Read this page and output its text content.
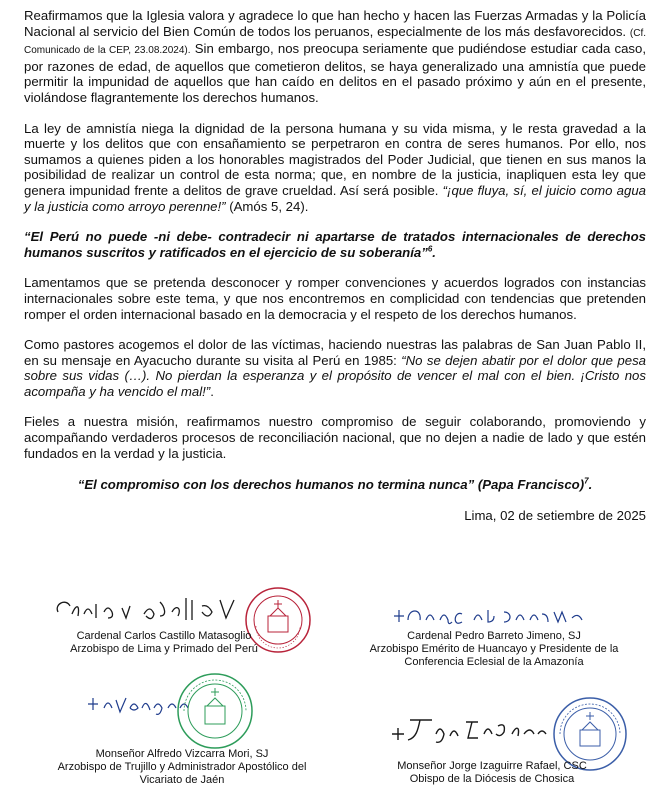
Reafirmamos que la Iglesia valora y agradece lo que han hecho y hacen las Fuerzas Armadas y la Policía Nacional al servicio del Bien Común de todos los peruanos, especialmente de los más desfavorecidos. (Cf. Comunicado de la CEP, 23.08.2024). Sin embargo, nos preocupa seriamente que pudiéndose estudiar cada caso, por razones de edad, de aquellos que cometieron delitos, se haya generalizado una amnistía que puede permitir la impunidad de aquellos que han caído en delitos en el pasado próximo y aún en el presente, violándose flagrantemente los derechos humanos.

La ley de amnistía niega la dignidad de la persona humana y su vida misma, y le resta gravedad a la muerte y los delitos que con ensañamiento se perpetraron en contra de seres humanos. Por ello, nos sumamos a quienes piden a los honorables magistrados del Poder Judicial, que tienen en sus manos la posibilidad de realizar un control de esta norma; que, en nombre de la justicia, inapliquen esta ley que genera impunidad frente a delitos de grave crueldad. Así será posible. “¡que fluya, sí, el juicio como agua y la justicia como arroyo perenne!” (Amós 5, 24).

“El Perú no puede -ni debe- contradecir ni apartarse de tratados internacionales de derechos humanos suscritos y ratificados en el ejercicio de su soberanía”$^6$.

Lamentamos que se pretenda desconocer y romper convenciones y acuerdos logrados con instancias internacionales sobre este tema, y que nos encontremos en complicidad con tendencias que pretenden romper el orden internacional basado en la democracia y el respeto de los derechos humanos.

Como pastores acogemos el dolor de las víctimas, haciendo nuestras las palabras de San Juan Pablo II, en su mensaje en Ayacucho durante su visita al Perú en 1985: “No se dejen abatir por el dolor que pesa sobre sus vidas (…). No pierdan la esperanza y el propósito de vencer el mal con el bien. ¡Cristo nos acompaña y ha vencido el mal!”.

Fieles a nuestra misión, reafirmamos nuestro compromiso de seguir colaborando, promoviendo y acompañando verdaderos procesos de reconciliación nacional, que no dejen a nadie de lado y que estén fundados en la verdad y la justicia.

“El compromiso con los derechos humanos no termina nunca” (Papa Francisco)$^7$.

Lima, 02 de setiembre de 2025

Cardenal Carlos Castillo Matasoglio
Arzobispo de Lima y Primado del Perú
Cardenal Pedro Barreto Jimeno, SJ
Arzobispo Emérito de Huancayo y Presidente de la Conferencia Eclesial de la Amazonía
Monseñor Alfredo Vizcarra Mori, SJ
Arzobispo de Trujillo y Administrador Apostólico del Vicariato de Jaén
Monseñor Jorge Izaguirre Rafael, CSC
Obispo de la Diócesis de Chosica
